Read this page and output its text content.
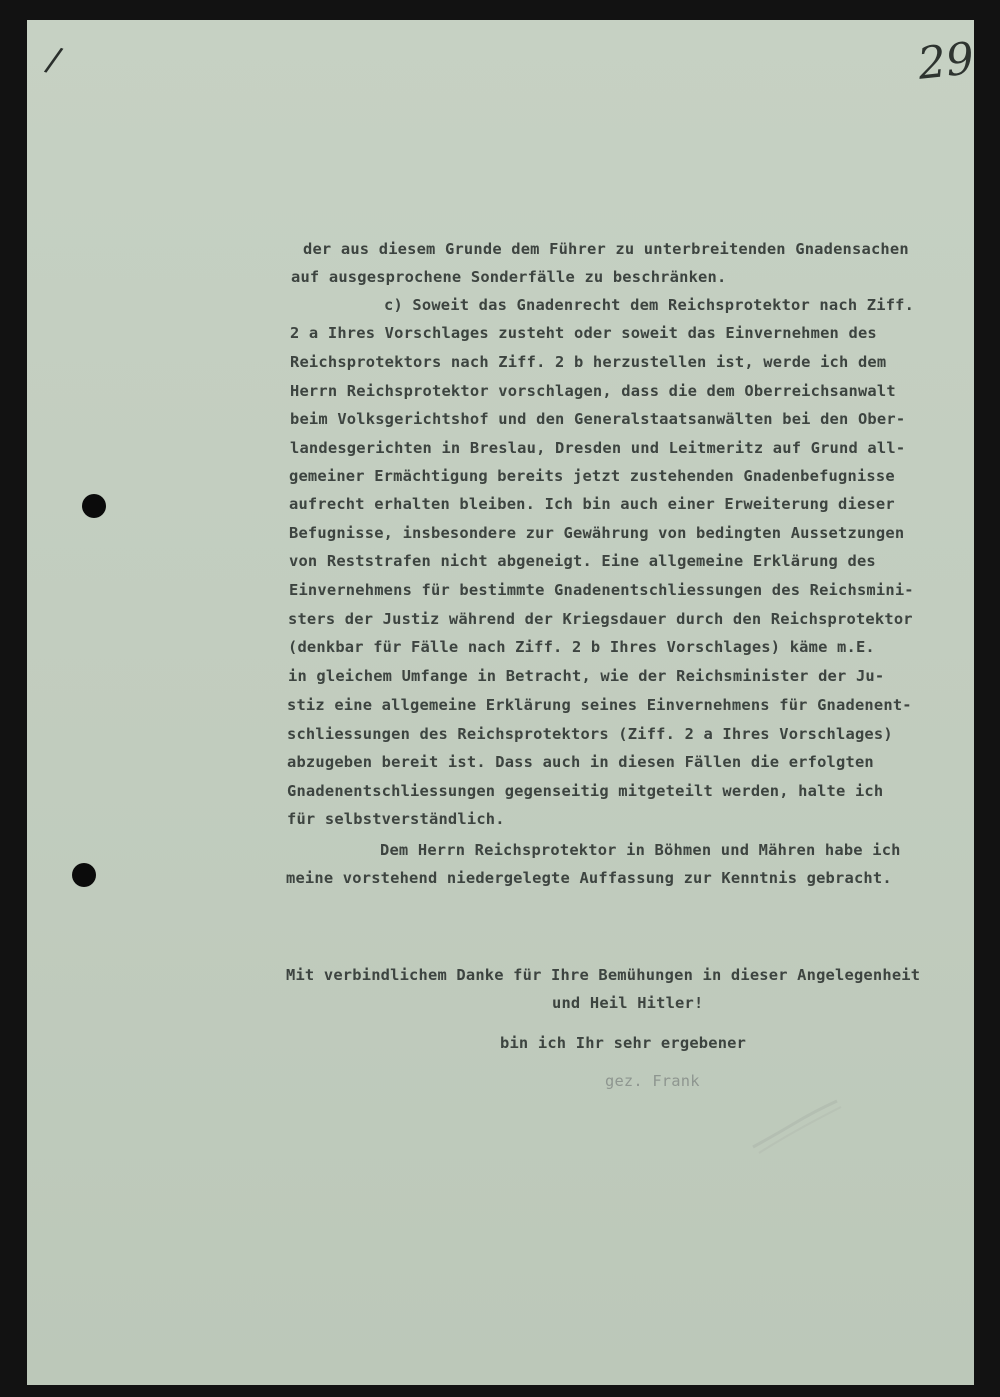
/	29
der aus diesem Grunde dem Führer zu unterbreitenden Gnadensachen
auf ausgesprochene Sonderfälle zu beschränken.
c) Soweit das Gnadenrecht dem Reichsprotektor nach Ziff.
2 a Ihres Vorschlages zusteht oder soweit das Einvernehmen des
Reichsprotektors nach Ziff. 2 b herzustellen ist, werde ich dem
Herrn Reichsprotektor vorschlagen, dass die dem Oberreichsanwalt
beim Volksgerichtshof und den Generalstaatsanwälten bei den Ober-
landesgerichten in Breslau, Dresden und Leitmeritz auf Grund all-
gemeiner Ermächtigung bereits jetzt zustehenden Gnadenbefugnisse
aufrecht erhalten bleiben. Ich bin auch einer Erweiterung dieser
Befugnisse, insbesondere zur Gewährung von bedingten Aussetzungen
von Reststrafen nicht abgeneigt. Eine allgemeine Erklärung des
Einvernehmens für bestimmte Gnadenentschliessungen des Reichsmini-
sters der Justiz während der Kriegsdauer durch den Reichsprotektor
(denkbar für Fälle nach Ziff. 2 b Ihres Vorschlages) käme m.E.
in gleichem Umfange in Betracht, wie der Reichsminister der Ju-
stiz eine allgemeine Erklärung seines Einvernehmens für Gnadenent-
schliessungen des Reichsprotektors (Ziff. 2 a Ihres Vorschlages)
abzugeben bereit ist. Dass auch in diesen Fällen die erfolgten
Gnadenentschliessungen gegenseitig mitgeteilt werden, halte ich
für selbstverständlich.
Dem Herrn Reichsprotektor in Böhmen und Mähren habe ich
meine vorstehend niedergelegte Auffassung zur Kenntnis gebracht.
Mit verbindlichem Danke für Ihre Bemühungen in dieser Angelegenheit
und Heil Hitler!
bin ich Ihr sehr ergebener
gez. Frank
